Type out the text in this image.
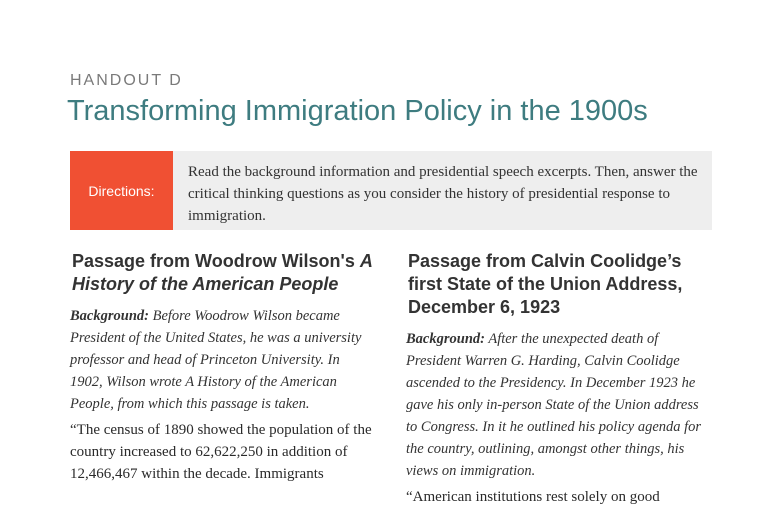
HANDOUT D
Transforming Immigration Policy in the 1900s
Directions:
Read the background information and presidential speech excerpts. Then, answer the critical thinking questions as you consider the history of presidential response to immigration.
Passage from Woodrow Wilson's A History of the American People

Background: Before Woodrow Wilson became President of the United States, he was a university professor and head of Princeton University. In 1902, Wilson wrote A History of the American People, from which this passage is taken.

“The census of 1890 showed the population of the country increased to 62,622,250 in addition of 12,466,467 within the decade. Immigrants

Passage from Calvin Coolidge’s first State of the Union Address, December 6, 1923

Background: After the unexpected death of President Warren G. Harding, Calvin Coolidge ascended to the Presidency. In December 1923 he gave his only in-person State of the Union address to Congress. In it he outlined his policy agenda for the country, outlining, amongst other things, his views on immigration.

“American institutions rest solely on good
